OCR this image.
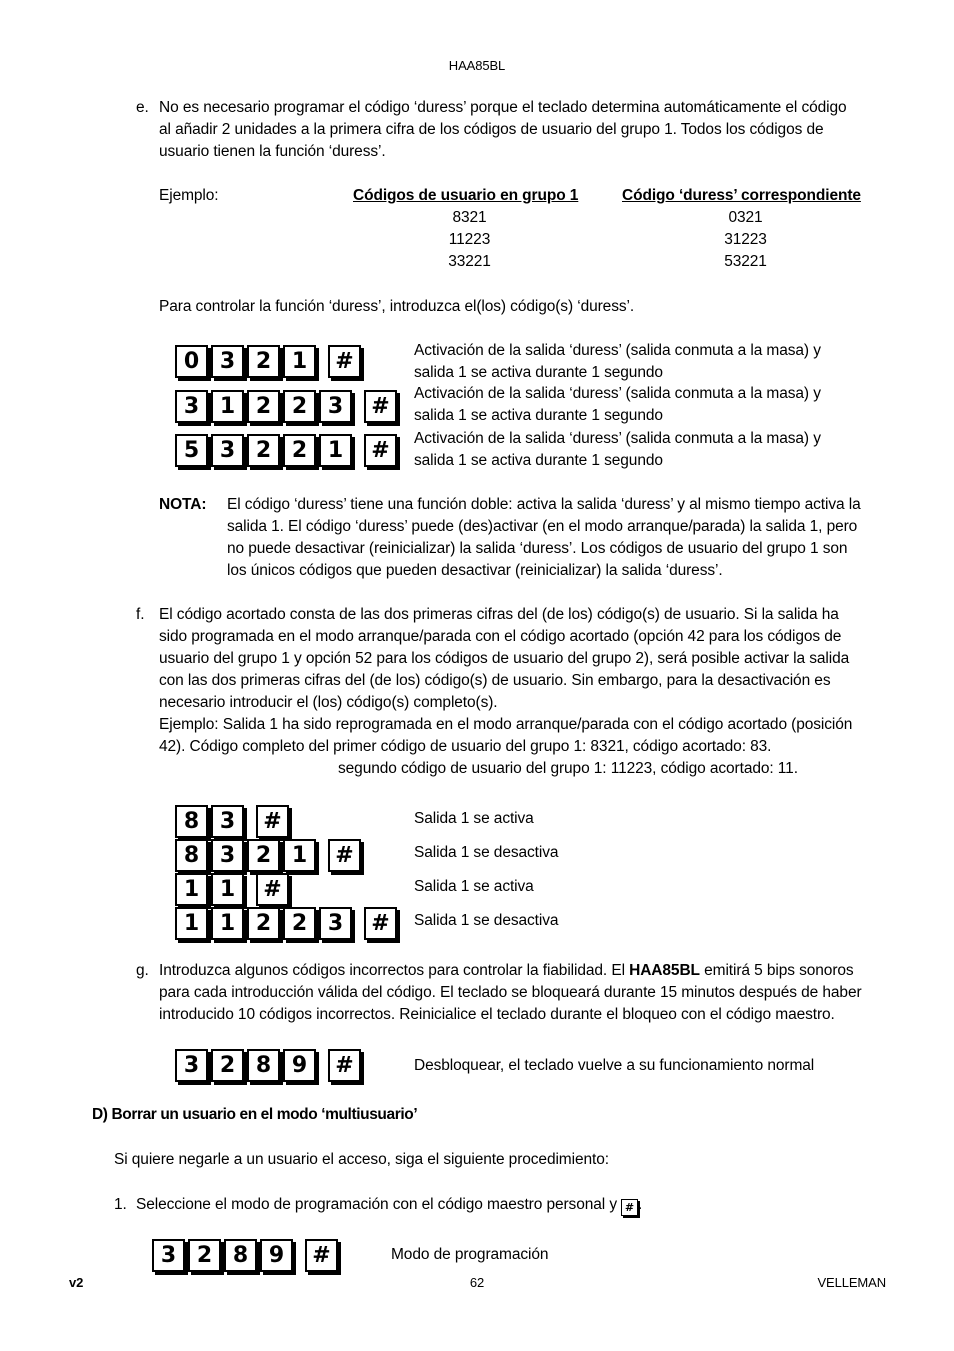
HAA85BL
e. No es necesario programar el código ‘duress’ porque el teclado determina automáticamente el código
al añadir 2 unidades a la primera cifra de los códigos de usuario del grupo 1. Todos los códigos de
usuario tienen la función ‘duress’.
Ejemplo:	Códigos de usuario en grupo 1	Código ‘duress’ correspondiente
8321	0321
11223	31223
33221	53221
Para controlar la función ‘duress’, introduzca el(los) código(s) ‘duress’.
0 3 2 1	#	Activación de la salida ‘duress’ (salida conmuta a la masa) y
salida 1 se activa durante 1 segundo
3 1 2 2 3	#	Activación de la salida ‘duress’ (salida conmuta a la masa) y
salida 1 se activa durante 1 segundo
5 3 2 2 1	#	Activación de la salida ‘duress’ (salida conmuta a la masa) y
salida 1 se activa durante 1 segundo
NOTA: El código ‘duress’ tiene una función doble: activa la salida ‘duress’ y al mismo tiempo activa la
salida 1. El código ‘duress’ puede (des)activar (en el modo arranque/parada) la salida 1, pero
no puede desactivar (reinicializar) la salida ‘duress’. Los códigos de usuario del grupo 1 son
los únicos códigos que pueden desactivar (reinicializar) la salida ‘duress’.
f. El código acortado consta de las dos primeras cifras del (de los) código(s) de usuario. Si la salida ha
sido programada en el modo arranque/parada con el código acortado (opción 42 para los códigos de
usuario del grupo 1 y opción 52 para los códigos de usuario del grupo 2), será posible activar la salida
con las dos primeras cifras del (de los) código(s) de usuario. Sin embargo, para la desactivación es
necesario introducir el (los) código(s) completo(s).
Ejemplo: Salida 1 ha sido reprogramada en el modo arranque/parada con el código acortado (posición
42). Código completo del primer código de usuario del grupo 1: 8321, código acortado: 83.
segundo código de usuario del grupo 1: 11223, código acortado: 11.
8 3	#	Salida 1 se activa
8 3 2 1	#	Salida 1 se desactiva
1 1	#	Salida 1 se activa
1 1 2 2 3	#	Salida 1 se desactiva
g. Introduzca algunos códigos incorrectos para controlar la fiabilidad. El HAA85BL emitirá 5 bips sonoros
para cada introducción válida del código. El teclado se bloqueará durante 15 minutos después de haber
introducido 10 códigos incorrectos. Reinicialice el teclado durante el bloqueo con el código maestro.
3 2 8 9	#	Desbloquear, el teclado vuelve a su funcionamiento normal
D) Borrar un usuario en el modo ‘multiusuario’
Si quiere negarle a un usuario el acceso, siga el siguiente procedimiento:
1. Seleccione el modo de programación con el código maestro personal y # .
3 2 8 9	#	Modo de programación
v2	62	VELLEMAN
